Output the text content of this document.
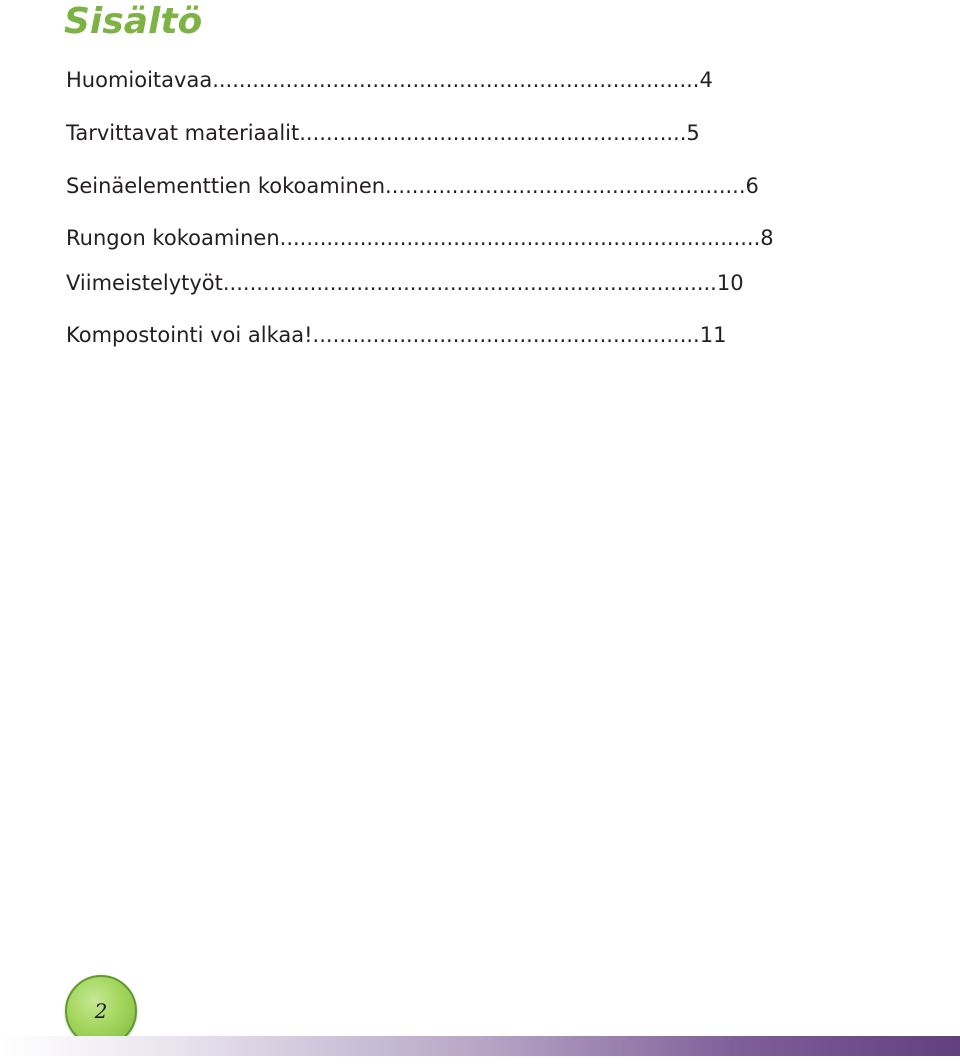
Sisältö
Huomioitavaa.........................................................................4
Tarvittavat materiaalit..........................................................5
Seinäelementtien kokoaminen......................................................6
Rungon kokoaminen........................................................................8
Viimeistelytyöt..........................................................................10
Kompostointi voi alkaa!..........................................................11
2
